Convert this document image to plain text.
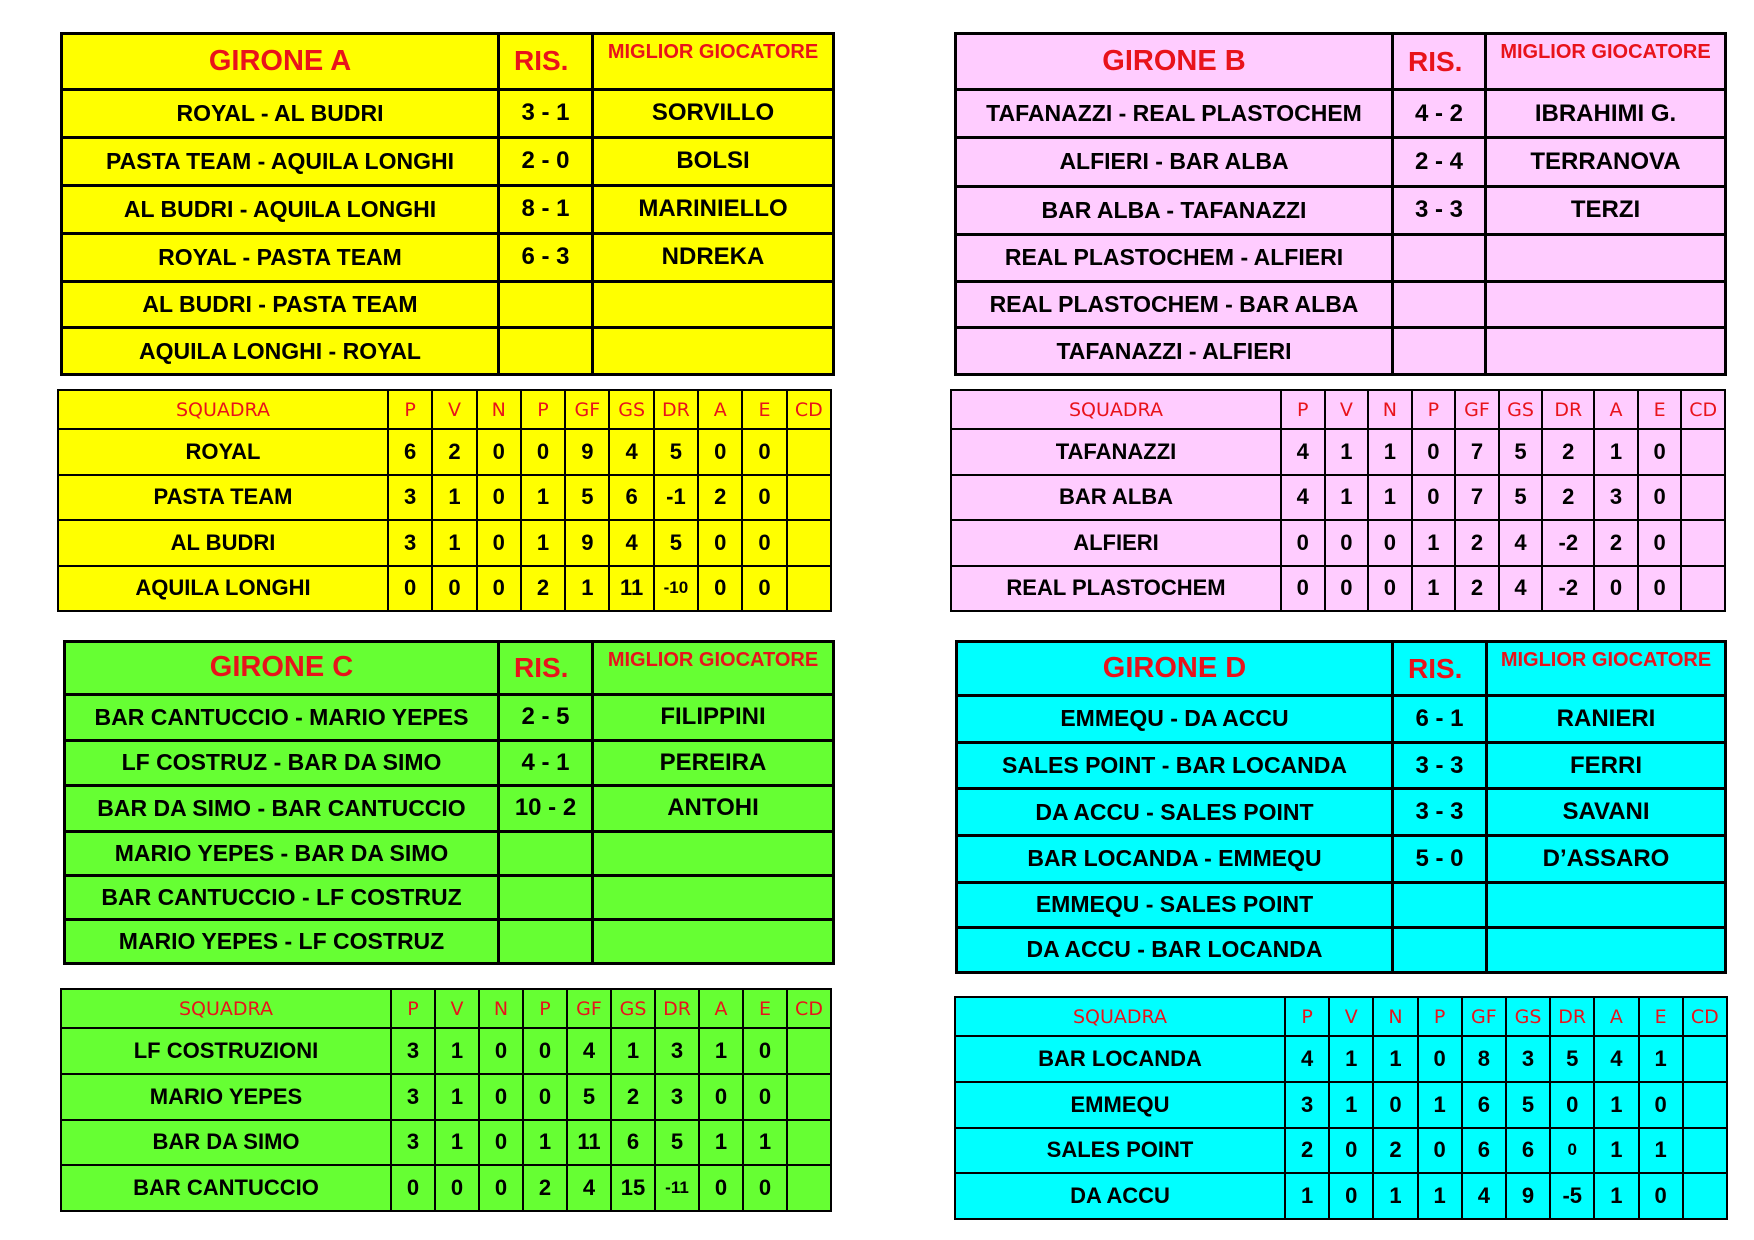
GIRONE A	RIS.	MIGLIOR GIOCATORE
ROYAL - AL BUDRI	3 - 1	SORVILLO
PASTA TEAM - AQUILA LONGHI	2 - 0	BOLSI
AL BUDRI - AQUILA LONGHI	8 - 1	MARINIELLO
ROYAL - PASTA TEAM	6 - 3	NDREKA
AL BUDRI - PASTA TEAM		
AQUILA LONGHI - ROYAL		
GIRONE B	RIS.	MIGLIOR GIOCATORE
TAFANAZZI - REAL PLASTOCHEM	4 - 2	IBRAHIMI G.
ALFIERI - BAR ALBA	2 - 4	TERRANOVA
BAR ALBA - TAFANAZZI	3 - 3	TERZI
REAL PLASTOCHEM - ALFIERI		
REAL PLASTOCHEM - BAR ALBA		
TAFANAZZI - ALFIERI		
SQUADRA	P	V	N	P	GF	GS	DR	A	E	CD
ROYAL	6	2	0	0	9	4	5	0	0	
PASTA TEAM	3	1	0	1	5	6	-1	2	0	
AL BUDRI	3	1	0	1	9	4	5	0	0	
AQUILA LONGHI	0	0	0	2	1	11	-10	0	0	
SQUADRA	P	V	N	P	GF	GS	DR	A	E	CD
TAFANAZZI	4	1	1	0	7	5	2	1	0	
BAR ALBA	4	1	1	0	7	5	2	3	0	
ALFIERI	0	0	0	1	2	4	-2	2	0	
REAL PLASTOCHEM	0	0	0	1	2	4	-2	0	0	
GIRONE C	RIS.	MIGLIOR GIOCATORE
BAR CANTUCCIO - MARIO YEPES	2 - 5	FILIPPINI
LF COSTRUZ - BAR DA SIMO	4 - 1	PEREIRA
BAR DA SIMO - BAR CANTUCCIO	10 - 2	ANTOHI
MARIO YEPES - BAR DA SIMO		
BAR CANTUCCIO - LF COSTRUZ		
MARIO YEPES - LF COSTRUZ		
GIRONE D	RIS.	MIGLIOR GIOCATORE
EMMEQU - DA ACCU	6 - 1	RANIERI
SALES POINT - BAR LOCANDA	3 - 3	FERRI
DA ACCU - SALES POINT	3 - 3	SAVANI
BAR LOCANDA - EMMEQU	5 - 0	D’ASSARO
EMMEQU - SALES POINT		
DA ACCU - BAR LOCANDA		
SQUADRA	P	V	N	P	GF	GS	DR	A	E	CD
LF COSTRUZIONI	3	1	0	0	4	1	3	1	0	
MARIO YEPES	3	1	0	0	5	2	3	0	0	
BAR DA SIMO	3	1	0	1	11	6	5	1	1	
BAR CANTUCCIO	0	0	0	2	4	15	-11	0	0	
SQUADRA	P	V	N	P	GF	GS	DR	A	E	CD
BAR LOCANDA	4	1	1	0	8	3	5	4	1	
EMMEQU	3	1	0	1	6	5	0	1	0	
SALES POINT	2	0	2	0	6	6	0	1	1	
DA ACCU	1	0	1	1	4	9	-5	1	0	
